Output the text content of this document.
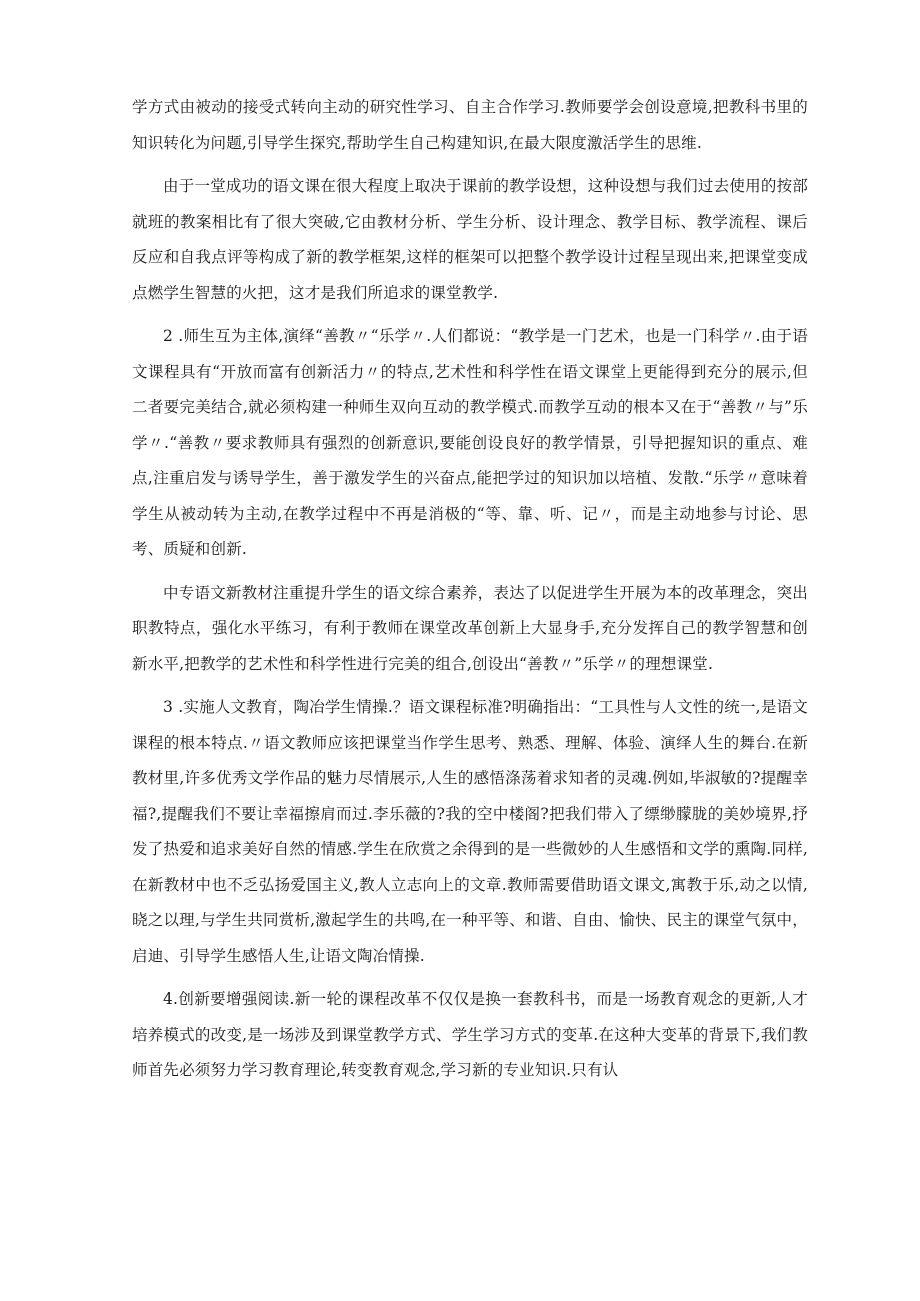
学方式由被动的接受式转向主动的研究性学习、自主合作学习.教师要学会创设意境,把教科书里的知识转化为问题,引导学生探究,帮助学生自己构建知识,在最大限度激活学生的思维.

由于一堂成功的语文课在很大程度上取决于课前的教学设想，这种设想与我们过去使用的按部就班的教案相比有了很大突破,它由教材分析、学生分析、设计理念、教学目标、教学流程、课后反应和自我点评等构成了新的教学框架,这样的框架可以把整个教学设计过程呈现出来,把课堂变成点燃学生智慧的火把，这才是我们所追求的课堂教学.

2 .师生互为主体,演绎“善教〃“乐学〃.人们都说：“教学是一门艺术，也是一门科学〃.由于语文课程具有“开放而富有创新活力〃的特点,艺术性和科学性在语文课堂上更能得到充分的展示,但二者要完美结合,就必须构建一种师生双向互动的教学模式.而教学互动的根本又在于“善教〃与”乐学〃.“善教〃要求教师具有强烈的创新意识,要能创设良好的教学情景，引导把握知识的重点、难点,注重启发与诱导学生，善于激发学生的兴奋点,能把学过的知识加以培植、发散.“乐学〃意味着学生从被动转为主动,在教学过程中不再是消极的“等、靠、听、记〃，而是主动地参与讨论、思考、质疑和创新.

中专语文新教材注重提升学生的语文综合素养，表达了以促进学生开展为本的改革理念，突出职教特点，强化水平练习，有利于教师在课堂改革创新上大显身手,充分发挥自己的教学智慧和创新水平,把教学的艺术性和科学性进行完美的组合,创设出“善教〃”乐学〃的理想课堂.

3 .实施人文教育，陶冶学生情操.？语文课程标准?明确指出：“工具性与人文性的统一,是语文课程的根本特点.〃语文教师应该把课堂当作学生思考、熟悉、理解、体验、演绎人生的舞台.在新教材里,许多优秀文学作品的魅力尽情展示,人生的感悟涤荡着求知者的灵魂.例如,毕淑敏的?提醒幸福?,提醒我们不要让幸福擦肩而过.李乐薇的?我的空中楼阁?把我们带入了缥缈朦胧的美妙境界,抒发了热爱和追求美好自然的情感.学生在欣赏之余得到的是一些微妙的人生感悟和文学的熏陶.同样,在新教材中也不乏弘扬爱国主义,教人立志向上的文章.教师需要借助语文课文,寓教于乐,动之以情,晓之以理,与学生共同赏析,激起学生的共鸣,在一种平等、和谐、自由、愉快、民主的课堂气氛中，启迪、引导学生感悟人生,让语文陶冶情操.

4.创新要增强阅读.新一轮的课程改革不仅仅是换一套教科书，而是一场教育观念的更新,人才培养模式的改变,是一场涉及到课堂教学方式、学生学习方式的变革.在这种大变革的背景下,我们教师首先必须努力学习教育理论,转变教育观念,学习新的专业知识.只有认
